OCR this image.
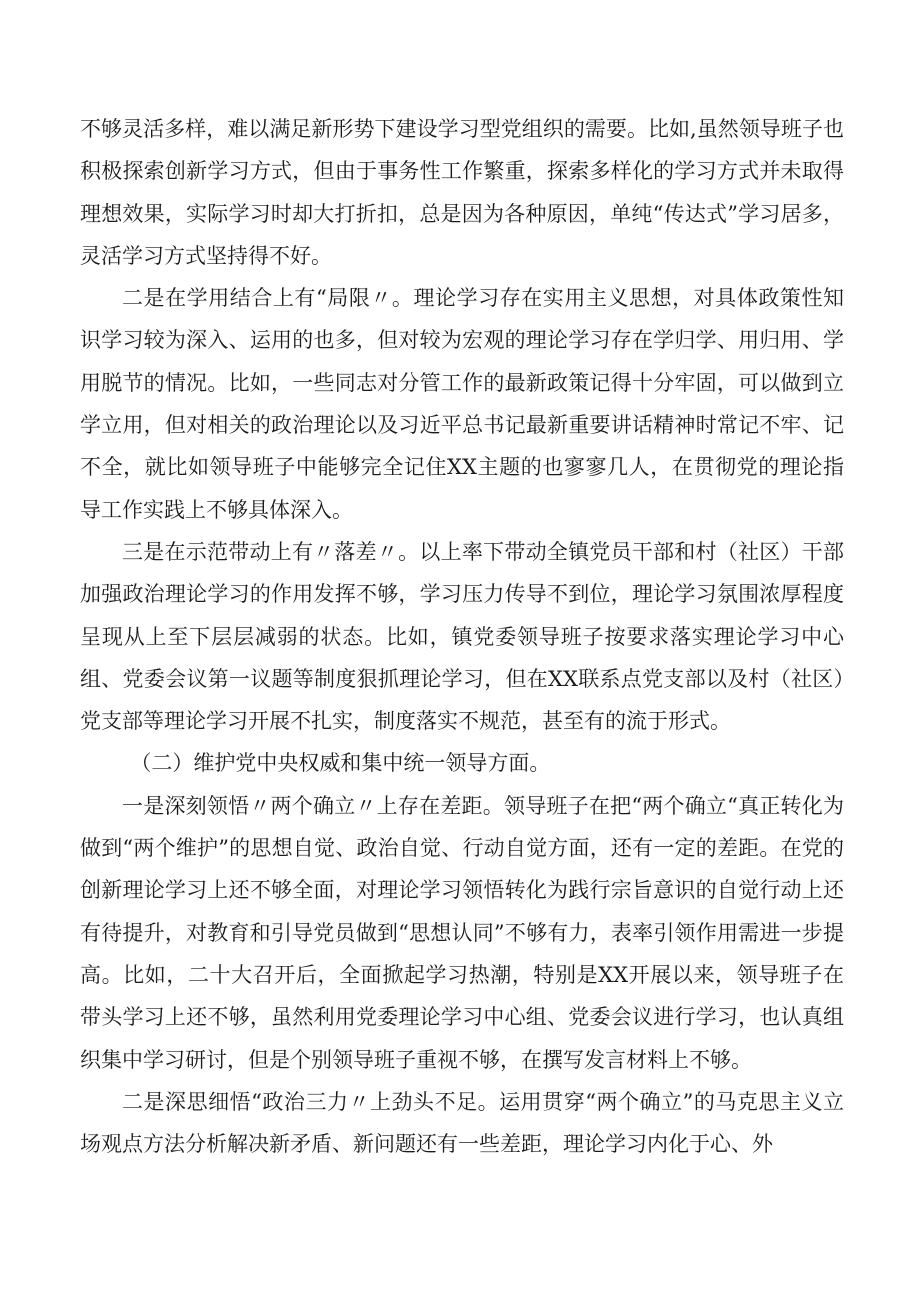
不够灵活多样，难以满足新形势下建设学习型党组织的需要。比如,虽然领导班子也积极探索创新学习方式，但由于事务性工作繁重，探索多样化的学习方式并未取得理想效果，实际学习时却大打折扣，总是因为各种原因，单纯“传达式”学习居多，灵活学习方式坚持得不好。

二是在学用结合上有“局限〃。理论学习存在实用主义思想，对具体政策性知识学习较为深入、运用的也多，但对较为宏观的理论学习存在学归学、用归用、学用脱节的情况。比如，一些同志对分管工作的最新政策记得十分牢固，可以做到立学立用，但对相关的政治理论以及习近平总书记最新重要讲话精神时常记不牢、记不全，就比如领导班子中能够完全记住XX主题的也寥寥几人，在贯彻党的理论指导工作实践上不够具体深入。

三是在示范带动上有〃落差〃。以上率下带动全镇党员干部和村（社区）干部加强政治理论学习的作用发挥不够，学习压力传导不到位，理论学习氛围浓厚程度呈现从上至下层层减弱的状态。比如，镇党委领导班子按要求落实理论学习中心组、党委会议第一议题等制度狠抓理论学习，但在XX联系点党支部以及村（社区）党支部等理论学习开展不扎实，制度落实不规范，甚至有的流于形式。

（二）维护党中央权威和集中统一领导方面。

一是深刻领悟〃两个确立〃上存在差距。领导班子在把“两个确立“真正转化为做到“两个维护”的思想自觉、政治自觉、行动自觉方面，还有一定的差距。在党的创新理论学习上还不够全面，对理论学习领悟转化为践行宗旨意识的自觉行动上还有待提升，对教育和引导党员做到“思想认同”不够有力，表率引领作用需进一步提高。比如，二十大召开后，全面掀起学习热潮，特别是XX开展以来，领导班子在带头学习上还不够，虽然利用党委理论学习中心组、党委会议进行学习，也认真组织集中学习研讨，但是个别领导班子重视不够，在撰写发言材料上不够。

二是深思细悟“政治三力〃上劲头不足。运用贯穿“两个确立”的马克思主义立场观点方法分析解决新矛盾、新问题还有一些差距，理论学习内化于心、外
